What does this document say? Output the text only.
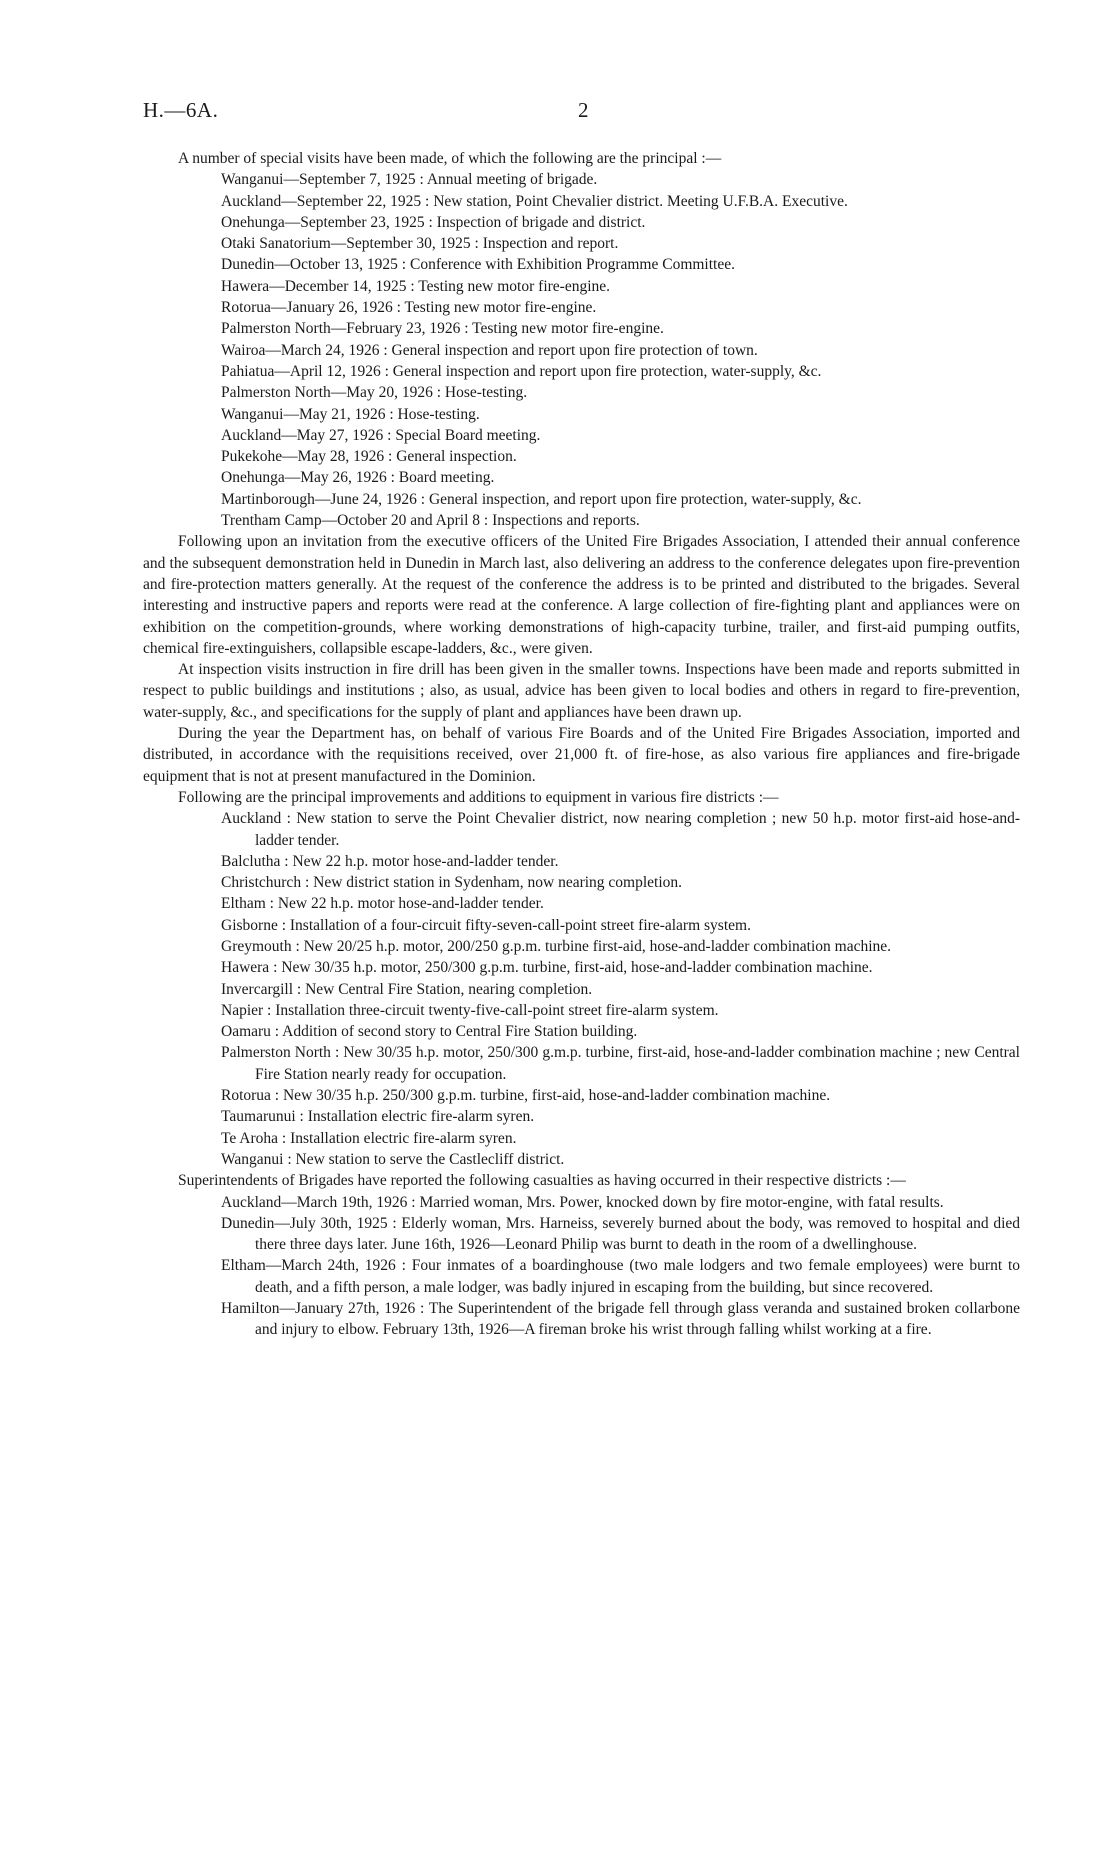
H.—6A.	2

A number of special visits have been made, of which the following are the principal :—

Wanganui—September 7, 1925 : Annual meeting of brigade.

Auckland—September 22, 1925 : New station, Point Chevalier district. Meeting U.F.B.A. Executive.

Onehunga—September 23, 1925 : Inspection of brigade and district.

Otaki Sanatorium—September 30, 1925 : Inspection and report.

Dunedin—October 13, 1925 : Conference with Exhibition Programme Committee.

Hawera—December 14, 1925 : Testing new motor fire-engine.

Rotorua—January 26, 1926 : Testing new motor fire-engine.

Palmerston North—February 23, 1926 : Testing new motor fire-engine.

Wairoa—March 24, 1926 : General inspection and report upon fire protection of town.

Pahiatua—April 12, 1926 : General inspection and report upon fire protection, water-supply, &c.

Palmerston North—May 20, 1926 : Hose-testing.

Wanganui—May 21, 1926 : Hose-testing.

Auckland—May 27, 1926 : Special Board meeting.

Pukekohe—May 28, 1926 : General inspection.

Onehunga—May 26, 1926 : Board meeting.

Martinborough—June 24, 1926 : General inspection, and report upon fire protection, water-supply, &c.

Trentham Camp—October 20 and April 8 : Inspections and reports.

Following upon an invitation from the executive officers of the United Fire Brigades Association, I attended their annual conference and the subsequent demonstration held in Dunedin in March last, also delivering an address to the conference delegates upon fire-prevention and fire-protection matters generally. At the request of the conference the address is to be printed and distributed to the brigades. Several interesting and instructive papers and reports were read at the conference. A large collection of fire-fighting plant and appliances were on exhibition on the competition-grounds, where working demonstrations of high-capacity turbine, trailer, and first-aid pumping outfits, chemical fire-extinguishers, collapsible escape-ladders, &c., were given.

At inspection visits instruction in fire drill has been given in the smaller towns. Inspections have been made and reports submitted in respect to public buildings and institutions ; also, as usual, advice has been given to local bodies and others in regard to fire-prevention, water-supply, &c., and specifications for the supply of plant and appliances have been drawn up.

During the year the Department has, on behalf of various Fire Boards and of the United Fire Brigades Association, imported and distributed, in accordance with the requisitions received, over 21,000 ft. of fire-hose, as also various fire appliances and fire-brigade equipment that is not at present manufactured in the Dominion.

Following are the principal improvements and additions to equipment in various fire districts :—

Auckland : New station to serve the Point Chevalier district, now nearing completion ; new 50 h.p. motor first-aid hose-and-ladder tender.

Balclutha : New 22 h.p. motor hose-and-ladder tender.

Christchurch : New district station in Sydenham, now nearing completion.

Eltham : New 22 h.p. motor hose-and-ladder tender.

Gisborne : Installation of a four-circuit fifty-seven-call-point street fire-alarm system.

Greymouth : New 20/25 h.p. motor, 200/250 g.p.m. turbine first-aid, hose-and-ladder combination machine.

Hawera : New 30/35 h.p. motor, 250/300 g.p.m. turbine, first-aid, hose-and-ladder combination machine.

Invercargill : New Central Fire Station, nearing completion.

Napier : Installation three-circuit twenty-five-call-point street fire-alarm system.

Oamaru : Addition of second story to Central Fire Station building.

Palmerston North : New 30/35 h.p. motor, 250/300 g.m.p. turbine, first-aid, hose-and-ladder combination machine ; new Central Fire Station nearly ready for occupation.

Rotorua : New 30/35 h.p. 250/300 g.p.m. turbine, first-aid, hose-and-ladder combination machine.

Taumarunui : Installation electric fire-alarm syren.

Te Aroha : Installation electric fire-alarm syren.

Wanganui : New station to serve the Castlecliff district.

Superintendents of Brigades have reported the following casualties as having occurred in their respective districts :—

Auckland—March 19th, 1926 : Married woman, Mrs. Power, knocked down by fire motor-engine, with fatal results.

Dunedin—July 30th, 1925 : Elderly woman, Mrs. Harneiss, severely burned about the body, was removed to hospital and died there three days later. June 16th, 1926—Leonard Philip was burnt to death in the room of a dwellinghouse.

Eltham—March 24th, 1926 : Four inmates of a boardinghouse (two male lodgers and two female employees) were burnt to death, and a fifth person, a male lodger, was badly injured in escaping from the building, but since recovered.

Hamilton—January 27th, 1926 : The Superintendent of the brigade fell through glass veranda and sustained broken collarbone and injury to elbow. February 13th, 1926—A fireman broke his wrist through falling whilst working at a fire.
